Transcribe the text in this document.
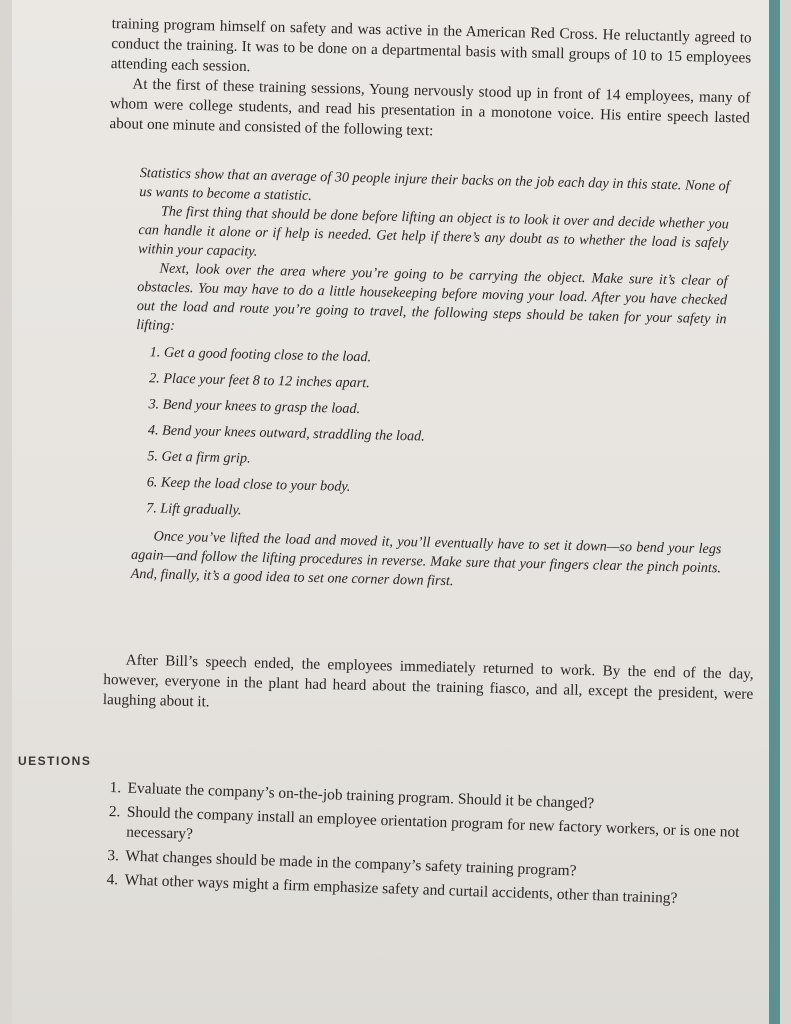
training program himself on safety and was active in the American Red Cross. He reluctantly agreed to conduct the training. It was to be done on a departmental basis with small groups of 10 to 15 employees attending each session.

At the first of these training sessions, Young nervously stood up in front of 14 employees, many of whom were college students, and read his presentation in a monotone voice. His entire speech lasted about one minute and consisted of the following text:

Statistics show that an average of 30 people injure their backs on the job each day in this state. None of us wants to become a statistic.

The first thing that should be done before lifting an object is to look it over and decide whether you can handle it alone or if help is needed. Get help if there’s any doubt as to whether the load is safely within your capacity.

Next, look over the area where you’re going to be carrying the object. Make sure it’s clear of obstacles. You may have to do a little housekeeping before moving your load. After you have checked out the load and route you’re going to travel, the following steps should be taken for your safety in lifting:

1. Get a good footing close to the load.
2. Place your feet 8 to 12 inches apart.
3. Bend your knees to grasp the load.
4. Bend your knees outward, straddling the load.
5. Get a firm grip.
6. Keep the load close to your body.
7. Lift gradually.

Once you’ve lifted the load and moved it, you’ll eventually have to set it down—so bend your legs again—and follow the lifting procedures in reverse. Make sure that your fingers clear the pinch points. And, finally, it’s a good idea to set one corner down first.

After Bill’s speech ended, the employees immediately returned to work. By the end of the day, however, everyone in the plant had heard about the training fiasco, and all, except the president, were laughing about it.

UESTIONS
1. Evaluate the company’s on-the-job training program. Should it be changed?
2. Should the company install an employee orientation program for new factory workers, or is one not necessary?
3. What changes should be made in the company’s safety training program?
4. What other ways might a firm emphasize safety and curtail accidents, other than training?
